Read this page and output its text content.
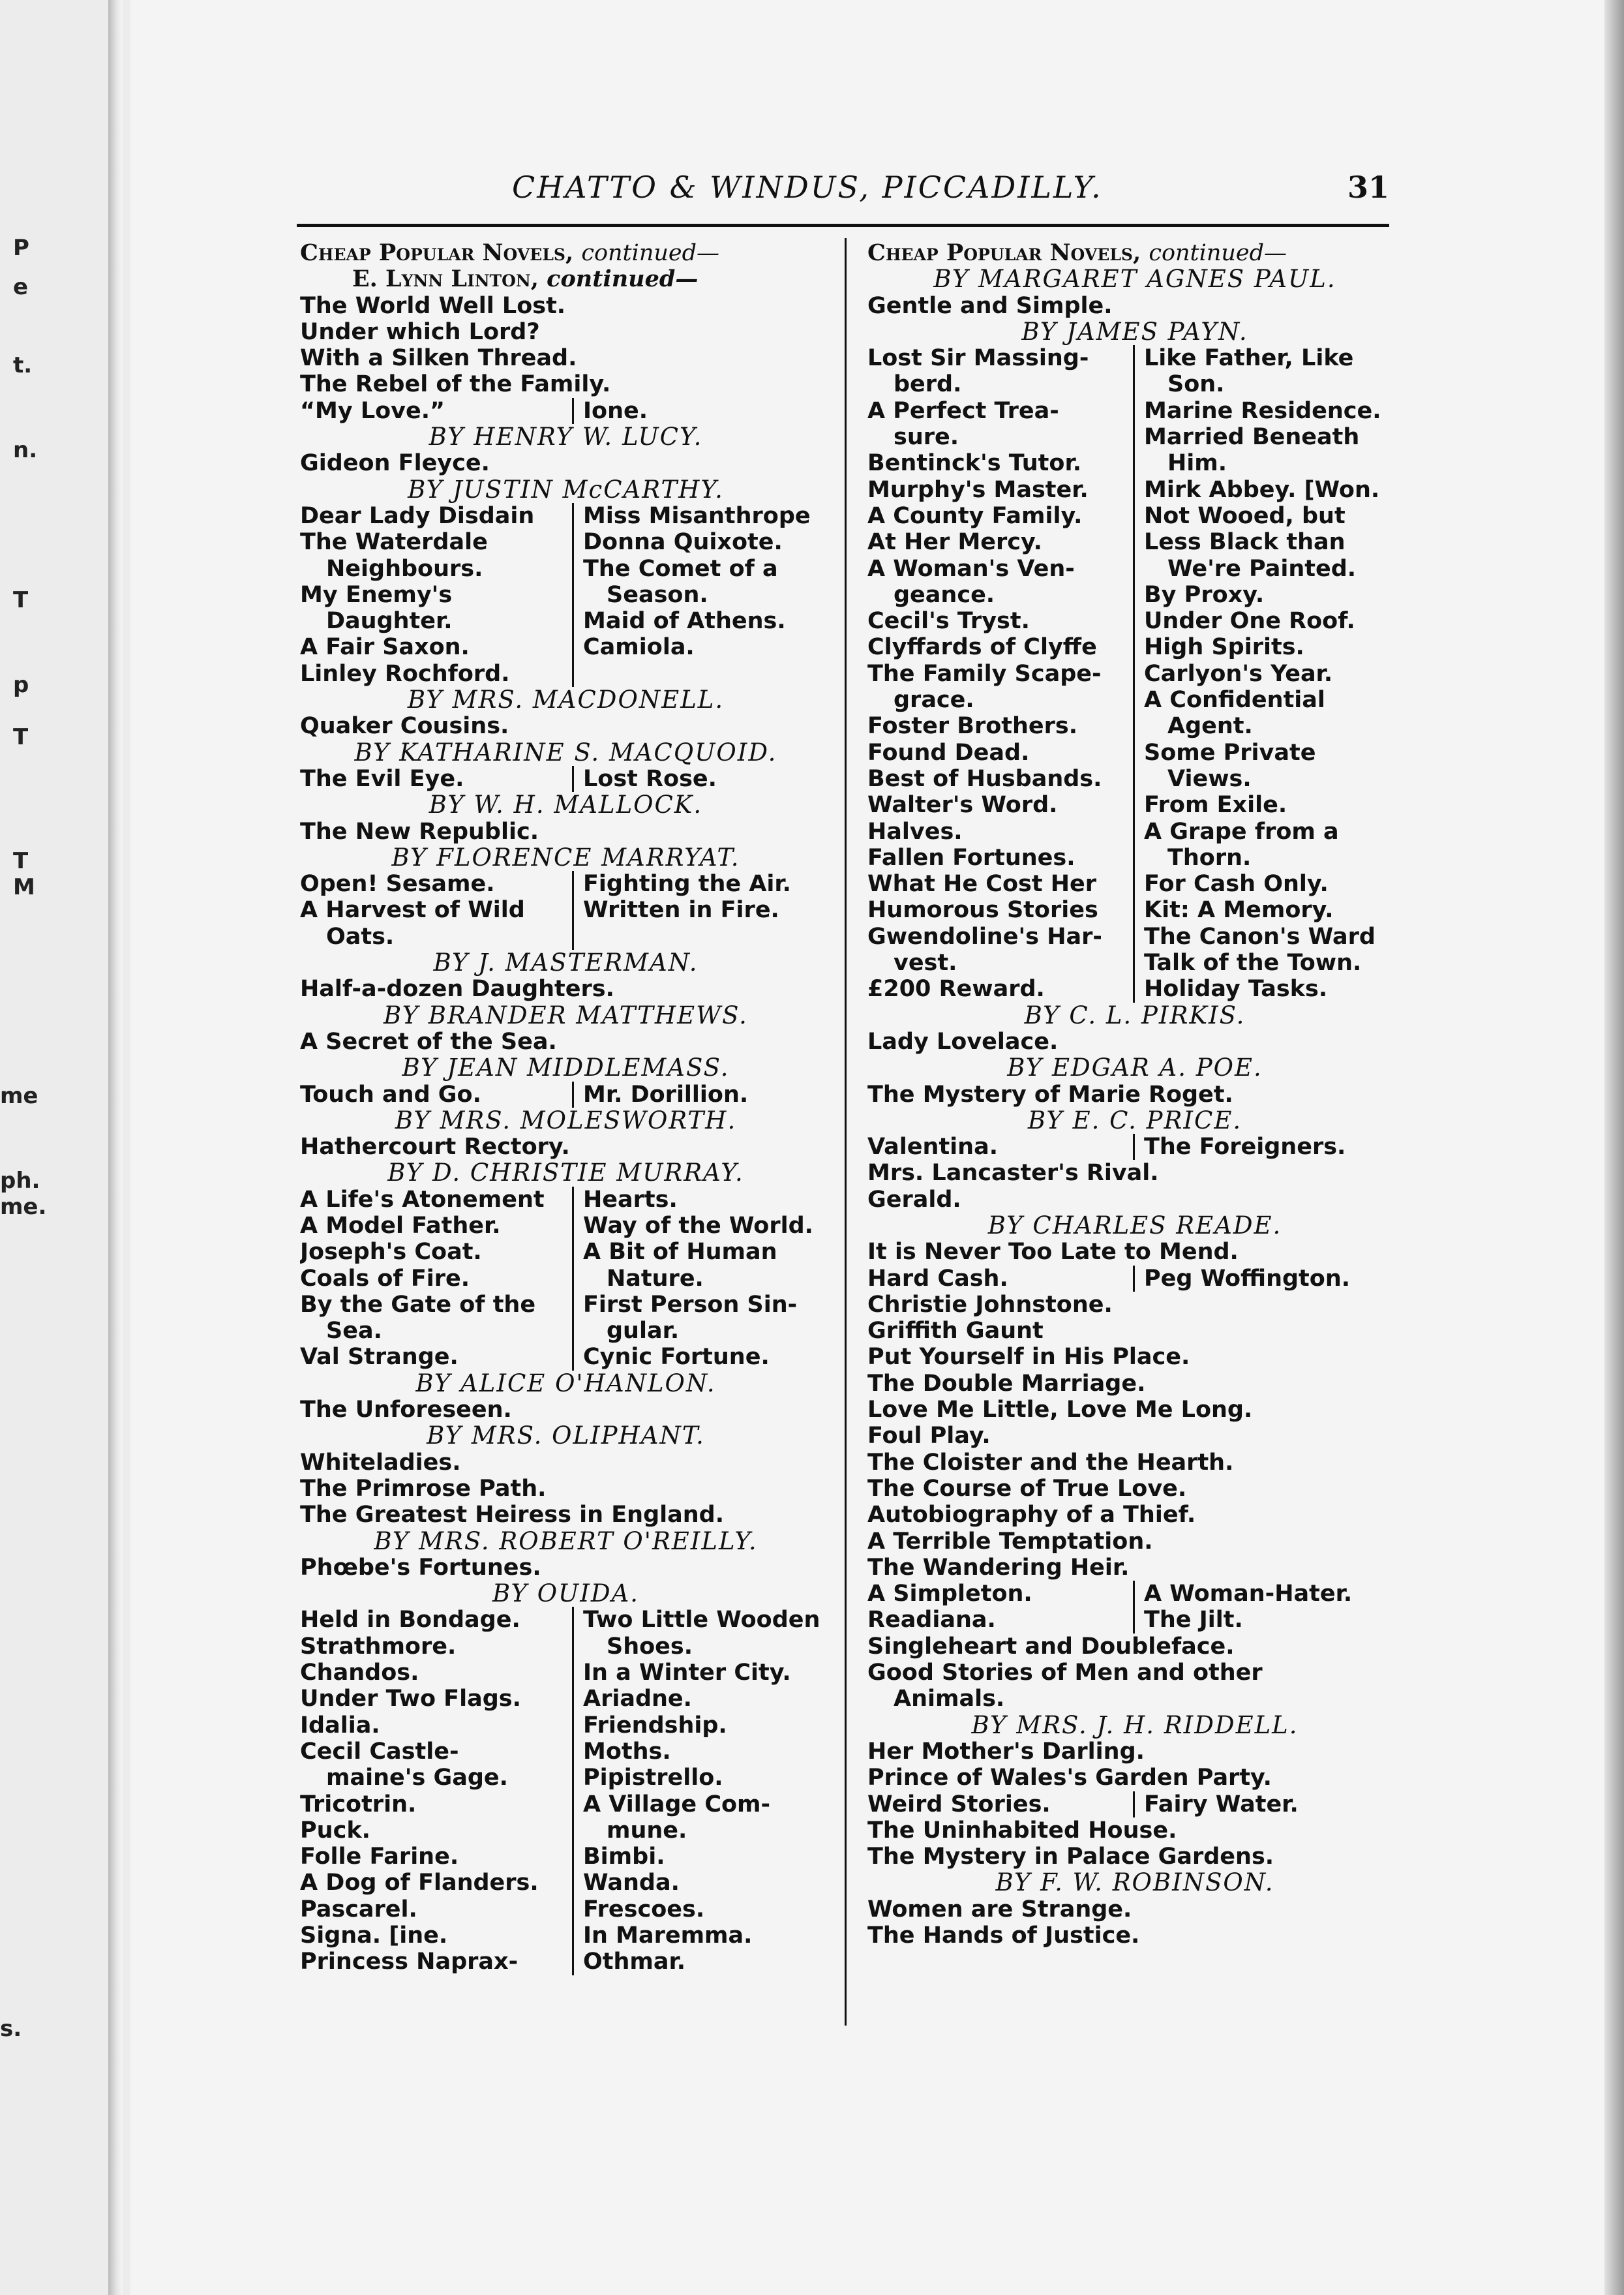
P
e
t.
n.
T
p
T
T
M
me
ph.
me.
s.
CHATTO & WINDUS, PICCADILLY.	31
Cheap Popular Novels, continued—
E. Lynn Linton, continued—
The World Well Lost.
Under which Lord?
With a Silken Thread.
The Rebel of the Family.
“My Love.”	Ione.
BY HENRY W. LUCY.
Gideon Fleyce.
BY JUSTIN McCARTHY.
Dear Lady Disdain	Miss Misanthrope
The Waterdale	Donna Quixote.
Neighbours.	The Comet of a
My Enemy's	Season.
Daughter.	Maid of Athens.
A Fair Saxon.	Camiola.
Linley Rochford.
BY MRS. MACDONELL.
Quaker Cousins.
BY KATHARINE S. MACQUOID.
The Evil Eye.	Lost Rose.
BY W. H. MALLOCK.
The New Republic.
BY FLORENCE MARRYAT.
Open! Sesame.	Fighting the Air.
A Harvest of Wild	Written in Fire.
Oats.
BY J. MASTERMAN.
Half-a-dozen Daughters.
BY BRANDER MATTHEWS.
A Secret of the Sea.
BY JEAN MIDDLEMASS.
Touch and Go.	Mr. Dorillion.
BY MRS. MOLESWORTH.
Hathercourt Rectory.
BY D. CHRISTIE MURRAY.
A Life's Atonement	Hearts.
A Model Father.	Way of the World.
Joseph's Coat.	A Bit of Human
Coals of Fire.	Nature.
By the Gate of the	First Person Sin-
Sea.	gular.
Val Strange.	Cynic Fortune.
BY ALICE O'HANLON.
The Unforeseen.
BY MRS. OLIPHANT.
Whiteladies.
The Primrose Path.
The Greatest Heiress in England.
BY MRS. ROBERT O'REILLY.
Phœbe's Fortunes.
BY OUIDA.
Held in Bondage.	Two Little Wooden
Strathmore.	Shoes.
Chandos.	In a Winter City.
Under Two Flags.	Ariadne.
Idalia.	Friendship.
Cecil Castle-	Moths.
maine's Gage.	Pipistrello.
Tricotrin.	A Village Com-
Puck.	mune.
Folle Farine.	Bimbi.
A Dog of Flanders.	Wanda.
Pascarel.	Frescoes.
Signa. [ine.	In Maremma.
Princess Naprax-	Othmar.
Cheap Popular Novels, continued—
BY MARGARET AGNES PAUL.
Gentle and Simple.
BY JAMES PAYN.
Lost Sir Massing-	Like Father, Like
berd.	Son.
A Perfect Trea-	Marine Residence.
sure.	Married Beneath
Bentinck's Tutor.	Him.
Murphy's Master.	Mirk Abbey. [Won.
A County Family.	Not Wooed, but
At Her Mercy.	Less Black than
A Woman's Ven-	We're Painted.
geance.	By Proxy.
Cecil's Tryst.	Under One Roof.
Clyffards of Clyffe	High Spirits.
The Family Scape-	Carlyon's Year.
grace.	A Confidential
Foster Brothers.	Agent.
Found Dead.	Some Private
Best of Husbands.	Views.
Walter's Word.	From Exile.
Halves.	A Grape from a
Fallen Fortunes.	Thorn.
What He Cost Her	For Cash Only.
Humorous Stories	Kit: A Memory.
Gwendoline's Har-	The Canon's Ward
vest.	Talk of the Town.
£200 Reward.	Holiday Tasks.
BY C. L. PIRKIS.
Lady Lovelace.
BY EDGAR A. POE.
The Mystery of Marie Roget.
BY E. C. PRICE.
Valentina.	The Foreigners.
Mrs. Lancaster's Rival.
Gerald.
BY CHARLES READE.
It is Never Too Late to Mend.
Hard Cash.	Peg Woffington.
Christie Johnstone.
Griffith Gaunt
Put Yourself in His Place.
The Double Marriage.
Love Me Little, Love Me Long.
Foul Play.
The Cloister and the Hearth.
The Course of True Love.
Autobiography of a Thief.
A Terrible Temptation.
The Wandering Heir.
A Simpleton.	A Woman-Hater.
Readiana.	The Jilt.
Singleheart and Doubleface.
Good Stories of Men and other
Animals.
BY MRS. J. H. RIDDELL.
Her Mother's Darling.
Prince of Wales's Garden Party.
Weird Stories.	Fairy Water.
The Uninhabited House.
The Mystery in Palace Gardens.
BY F. W. ROBINSON.
Women are Strange.
The Hands of Justice.
